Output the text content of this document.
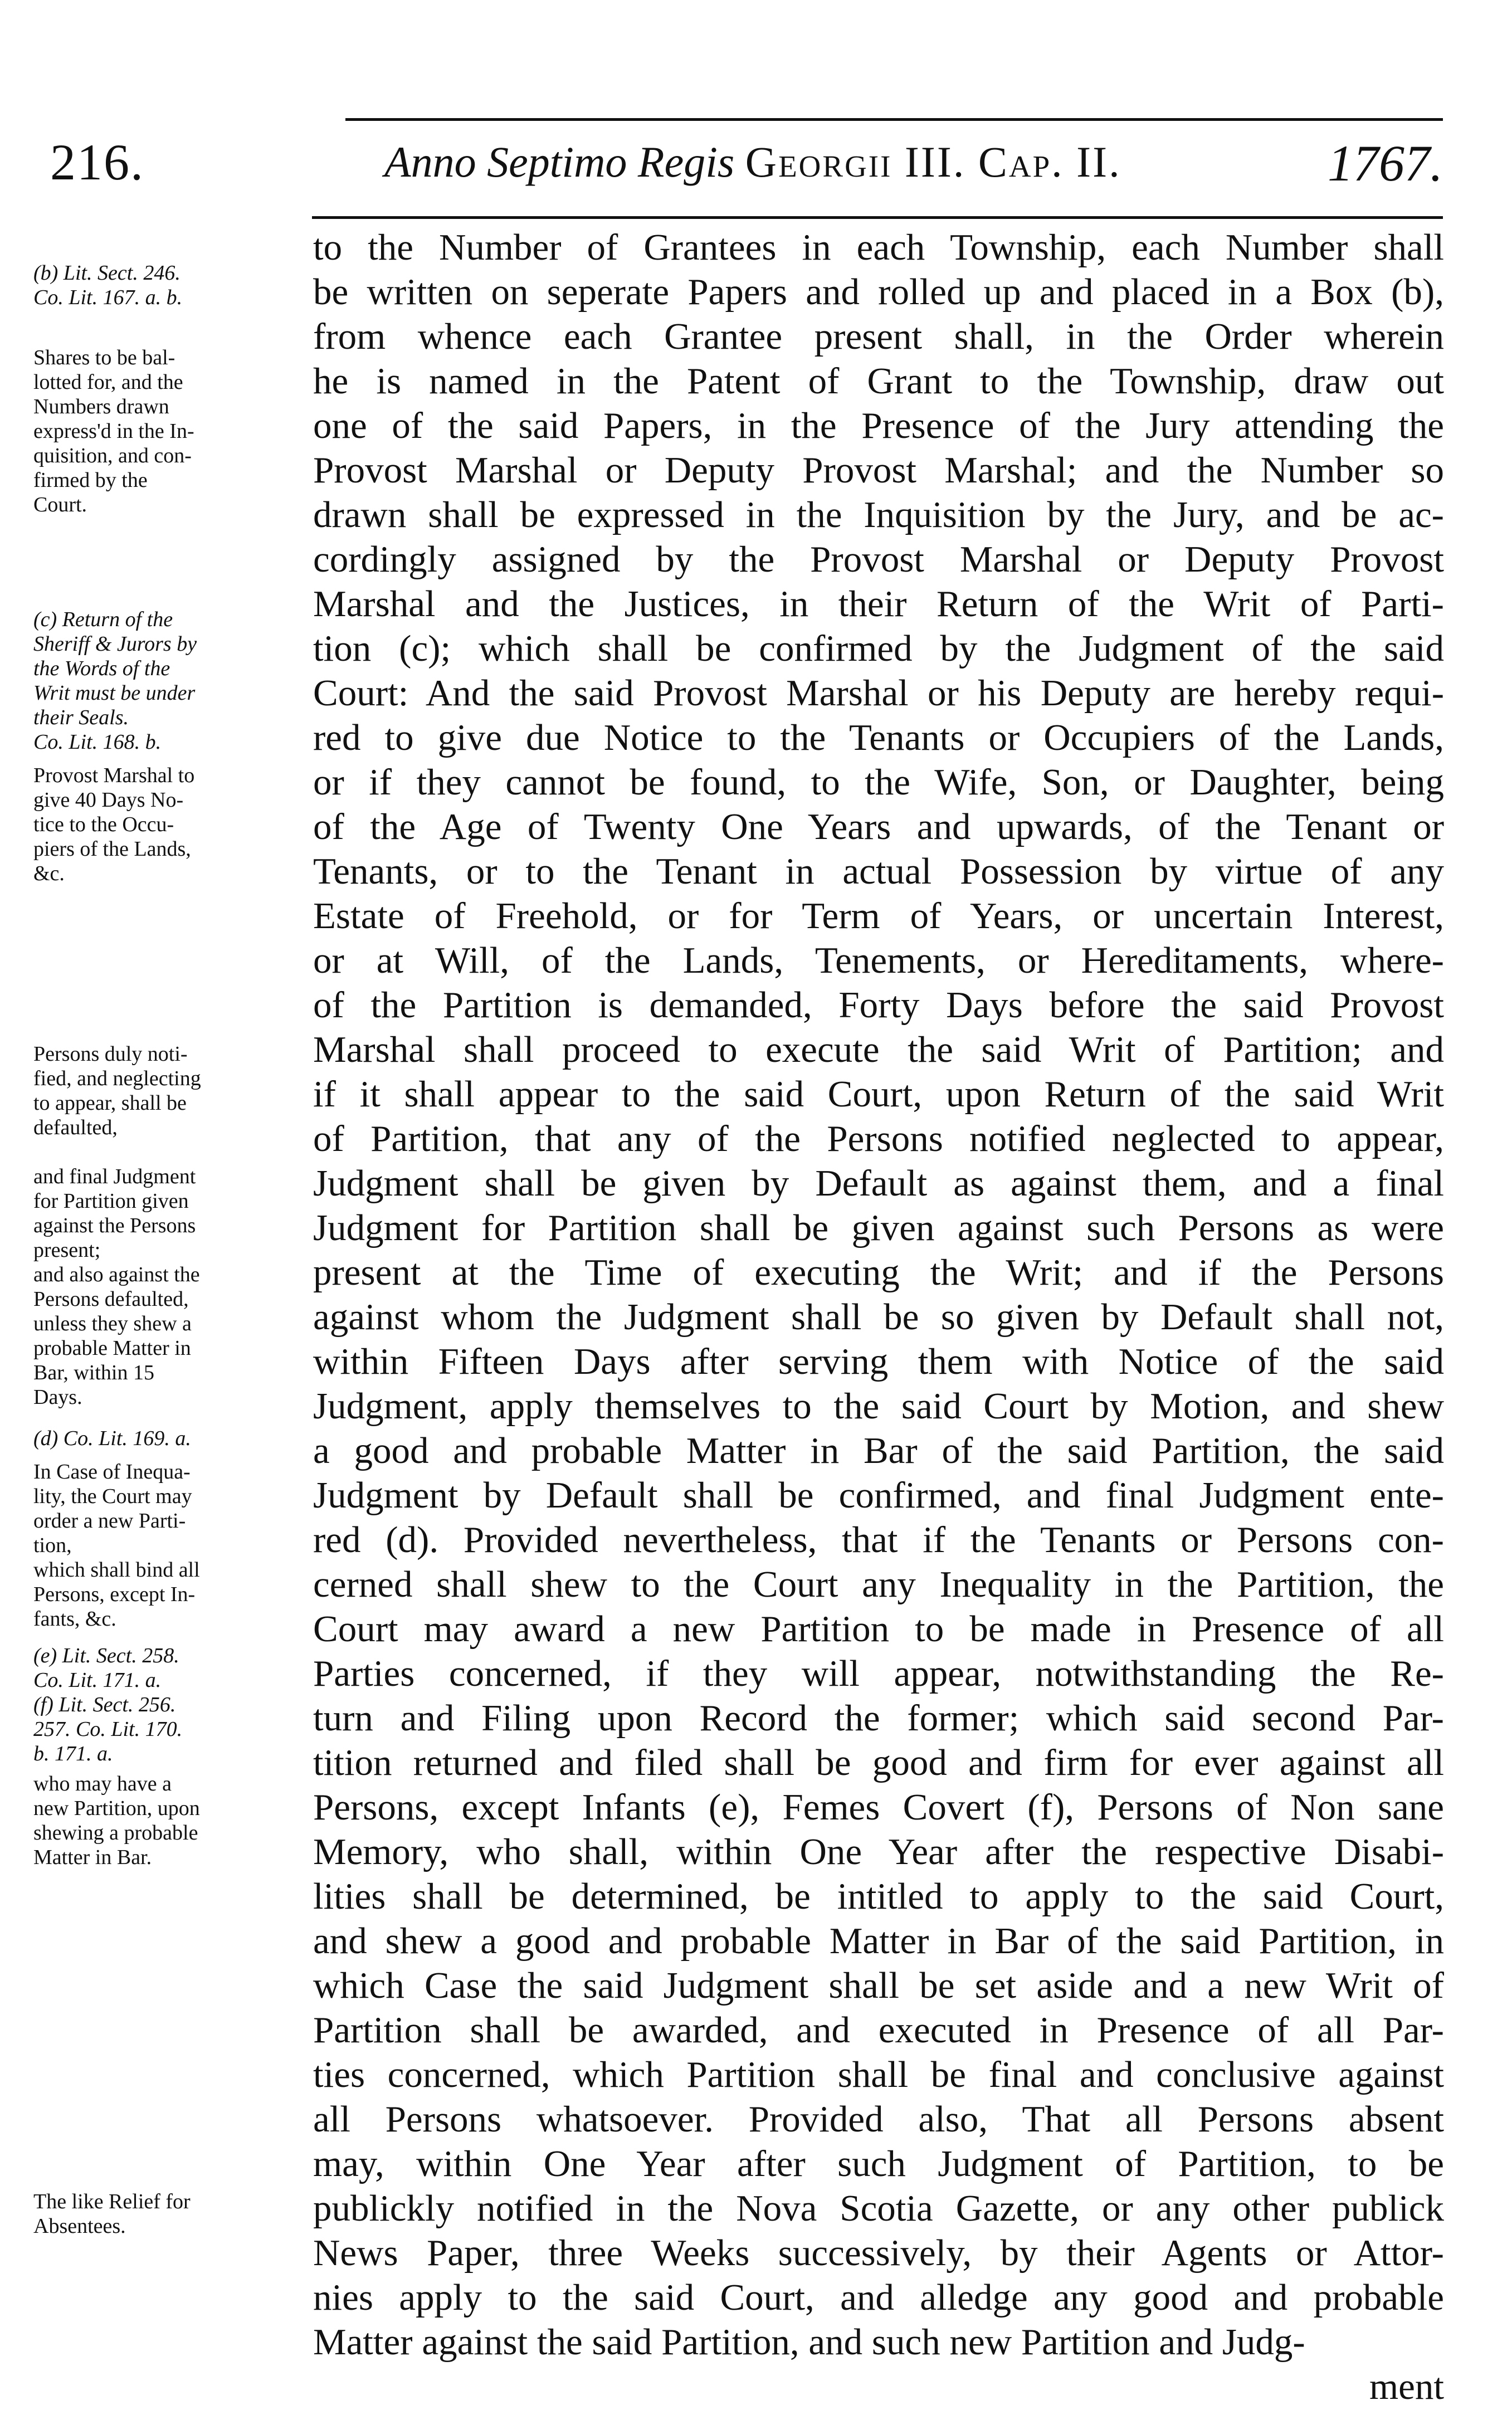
216.	Anno Septimo Regis Georgii III. Cap. II.	1767.
to the Number of Grantees in each Township, each Number shall
be written on seperate Papers and rolled up and placed in a Box (b),
from whence each Grantee present shall, in the Order wherein
he is named in the Patent of Grant to the Township, draw out
one of the said Papers, in the Presence of the Jury attending the
Provost Marshal or Deputy Provost Marshal; and the Number so
drawn shall be expressed in the Inquisition by the Jury, and be ac-
cordingly assigned by the Provost Marshal or Deputy Provost
Marshal and the Justices, in their Return of the Writ of Parti-
tion (c); which shall be confirmed by the Judgment of the said
Court: And the said Provost Marshal or his Deputy are hereby requi-
red to give due Notice to the Tenants or Occupiers of the Lands,
or if they cannot be found, to the Wife, Son, or Daughter, being
of the Age of Twenty One Years and upwards, of the Tenant or
Tenants, or to the Tenant in actual Possession by virtue of any
Estate of Freehold, or for Term of Years, or uncertain Interest,
or at Will, of the Lands, Tenements, or Hereditaments, where-
of the Partition is demanded, Forty Days before the said Provost
Marshal shall proceed to execute the said Writ of Partition; and
if it shall appear to the said Court, upon Return of the said Writ
of Partition, that any of the Persons notified neglected to appear,
Judgment shall be given by Default as against them, and a final
Judgment for Partition shall be given against such Persons as were
present at the Time of executing the Writ; and if the Persons
against whom the Judgment shall be so given by Default shall not,
within Fifteen Days after serving them with Notice of the said
Judgment, apply themselves to the said Court by Motion, and shew
a good and probable Matter in Bar of the said Partition, the said
Judgment by Default shall be confirmed, and final Judgment ente-
red (d). Provided nevertheless, that if the Tenants or Persons con-
cerned shall shew to the Court any Inequality in the Partition, the
Court may award a new Partition to be made in Presence of all
Parties concerned, if they will appear, notwithstanding the Re-
turn and Filing upon Record the former; which said second Par-
tition returned and filed shall be good and firm for ever against all
Persons, except Infants (e), Femes Covert (f), Persons of Non sane
Memory, who shall, within One Year after the respective Disabi-
lities shall be determined, be intitled to apply to the said Court,
and shew a good and probable Matter in Bar of the said Partition, in
which Case the said Judgment shall be set aside and a new Writ of
Partition shall be awarded, and executed in Presence of all Par-
ties concerned, which Partition shall be final and conclusive against
all Persons whatsoever. Provided also, That all Persons absent
may, within One Year after such Judgment of Partition, to be
publickly notified in the Nova Scotia Gazette, or any other publick
News Paper, three Weeks successively, by their Agents or Attor-
nies apply to the said Court, and alledge any good and probable
Matter against the said Partition, and such new Partition and Judg-
ment
(b) Lit. Sect. 246.
Co. Lit. 167. a. b.
Shares to be bal-
lotted for, and the
Numbers drawn
express'd in the In-
quisition, and con-
firmed by the
Court.
(c) Return of the
Sheriff & Jurors by
the Words of the
Writ must be under
their Seals.
Co. Lit. 168. b.
Provost Marshal to
give 40 Days No-
tice to the Occu-
piers of the Lands,
&c.
Persons duly noti-
fied, and neglecting
to appear, shall be
defaulted,
and final Judgment
for Partition given
against the Persons
present;
and also against the
Persons defaulted,
unless they shew a
probable Matter in
Bar, within 15
Days.
(d) Co. Lit. 169. a.
In Case of Inequa-
lity, the Court may
order a new Parti-
tion,
which shall bind all
Persons, except In-
fants, &c.
(e) Lit. Sect. 258.
Co. Lit. 171. a.
(f) Lit. Sect. 256.
257. Co. Lit. 170.
b. 171. a.
who may have a
new Partition, upon
shewing a probable
Matter in Bar.
The like Relief for
Absentees.
